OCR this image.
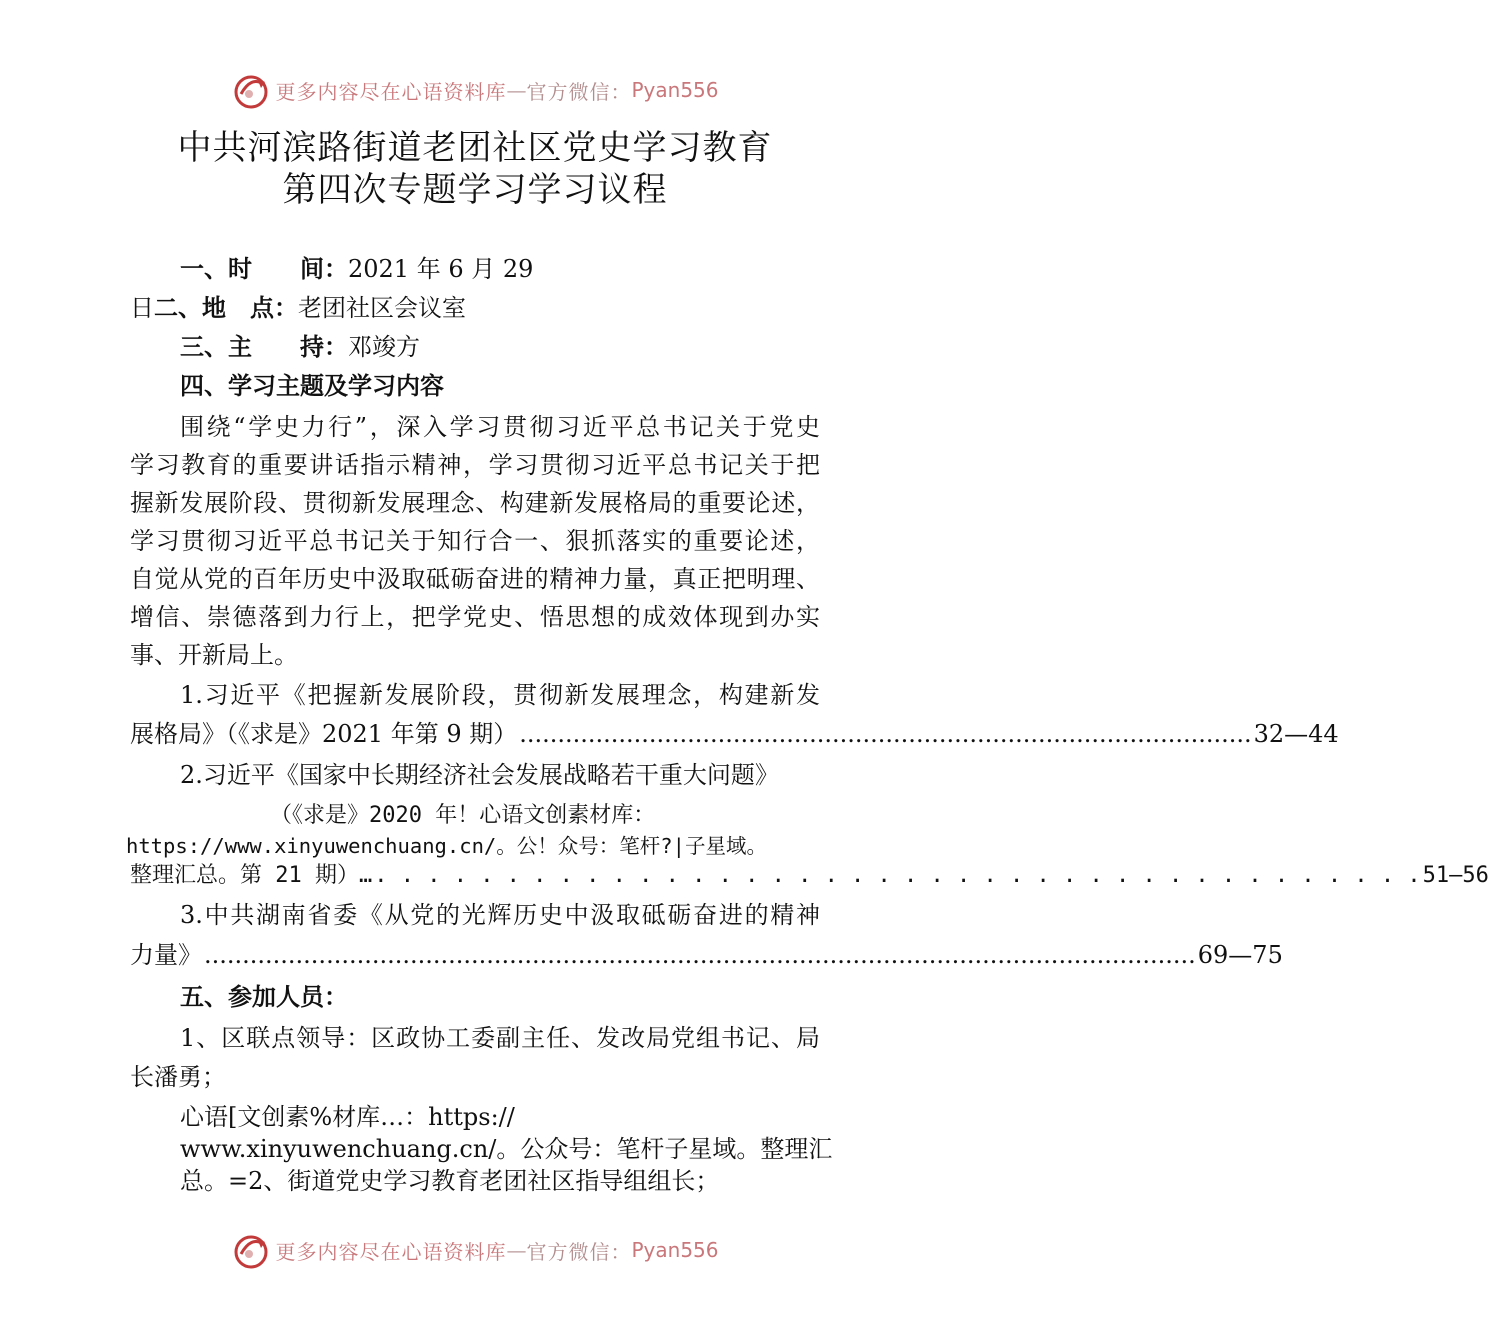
更多内容尽在心语资料库 — 官方微信： Pyan556
中共河滨路街道老团社区党史学习教育
第四次专题学习学习议程
一、时　　间：2021 年 6 月 29
日二、地　点：老团社区会议室
三、主　　持：邓竣方
四、学习主题及学习内容
围绕“学史力行”，深入学习贯彻习近平总书记关于党史
学习教育的重要讲话指示精神，学习贯彻习近平总书记关于把
握新发展阶段、贯彻新发展理念、构建新发展格局的重要论述，
学习贯彻习近平总书记关于知行合一、狠抓落实的重要论述，
自觉从党的百年历史中汲取砥砺奋进的精神力量，真正把明理、
增信、崇德落到力行上，把学党史、悟思想的成效体现到办实
事、开新局上。
1.习近平《把握新发展阶段，贯彻新发展理念，构建新发
展格局》（《求是》2021 年第 9 期） ................................................................................................ 32—44
2.习近平《国家中长期经济社会发展战略若干重大问题》
（《求是》2020 年！心语文创素材库：
https://www.xinyuwenchuang.cn/。公！众号：笔杆?|子星域。
整理汇总。第 21 期）… . . . . . . . . . . . . . . . . . . . . . . . . . . . . . . . . . . . . . . . . 51—56
3.中共湖南省委《从党的光辉历史中汲取砥砺奋进的精神
力量》 .................................................................................................................................. 69—75
五、参加人员：
1、区联点领导：区政协工委副主任、发改局党组书记、局
长潘勇；
心语[文创素%材库…：https://
www.xinyuwenchuang.cn/。公众号：笔杆子星域。整理汇
总。=2、街道党史学习教育老团社区指导组组长；
更多内容尽在心语资料库 — 官方微信： Pyan556
